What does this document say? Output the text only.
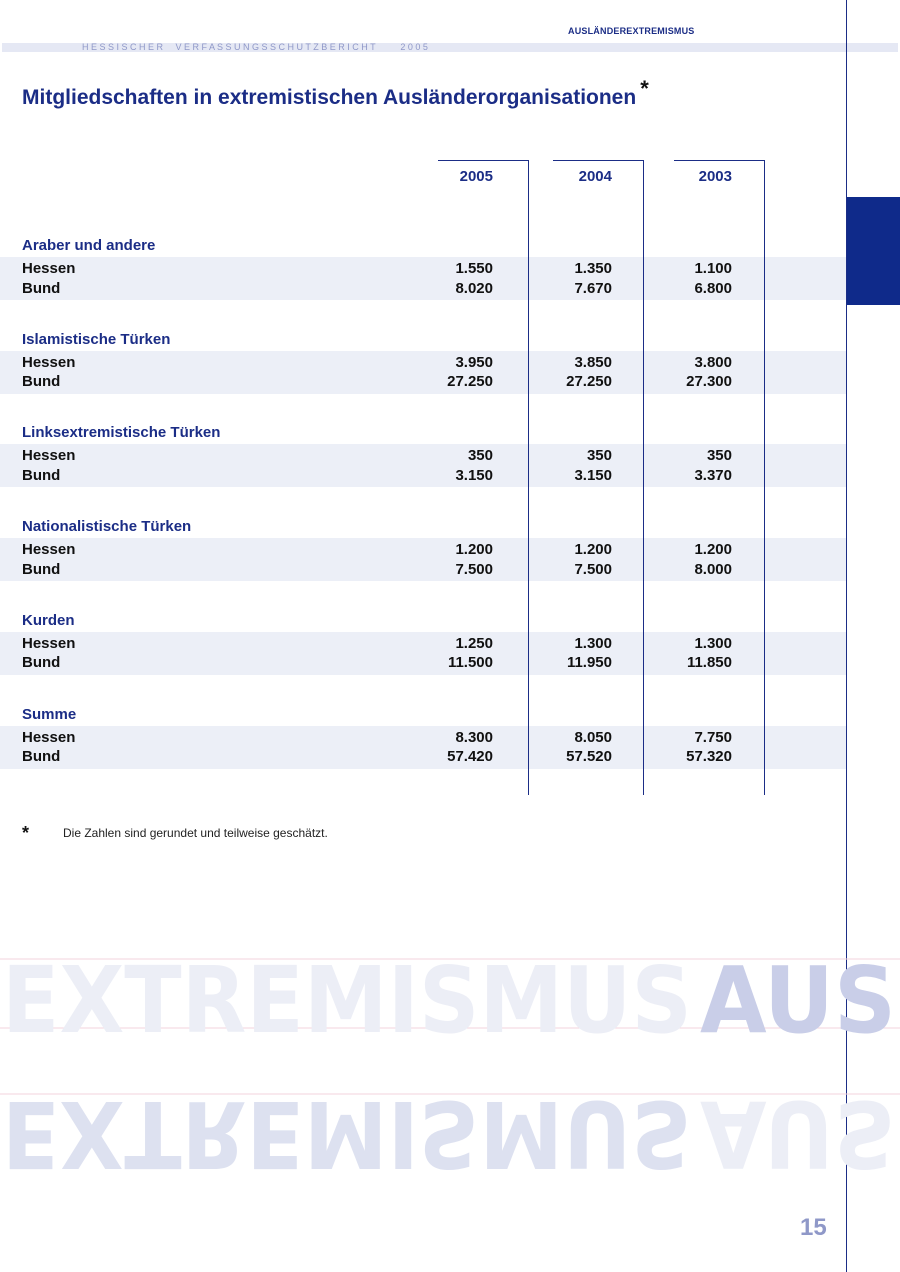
AUSLÄNDEREXTREMISMUS
H E S S I S C H E R     V E R F A S S U N G S S C H U T Z B E R I C H T          2 0 0 5
Mitgliedschaften in extremistischen Ausländerorganisationen *
2005	2004	2003
Araber und andere
Hessen	1.550	1.350	1.100
Bund	8.020	7.670	6.800
Islamistische Türken
Hessen	3.950	3.850	3.800
Bund	27.250	27.250	27.300
Linksextremistische Türken
Hessen	350	350	350
Bund	3.150	3.150	3.370
Nationalistische Türken
Hessen	1.200	1.200	1.200
Bund	7.500	7.500	8.000
Kurden
Hessen	1.250	1.300	1.300
Bund	11.500	11.950	11.850
Summe
Hessen	8.300	8.050	7.750
Bund	57.420	57.520	57.320
*	Die Zahlen sind gerundet und teilweise geschätzt.
EXTREMISMUS AUS
EXTREMISMUS AUS
15
